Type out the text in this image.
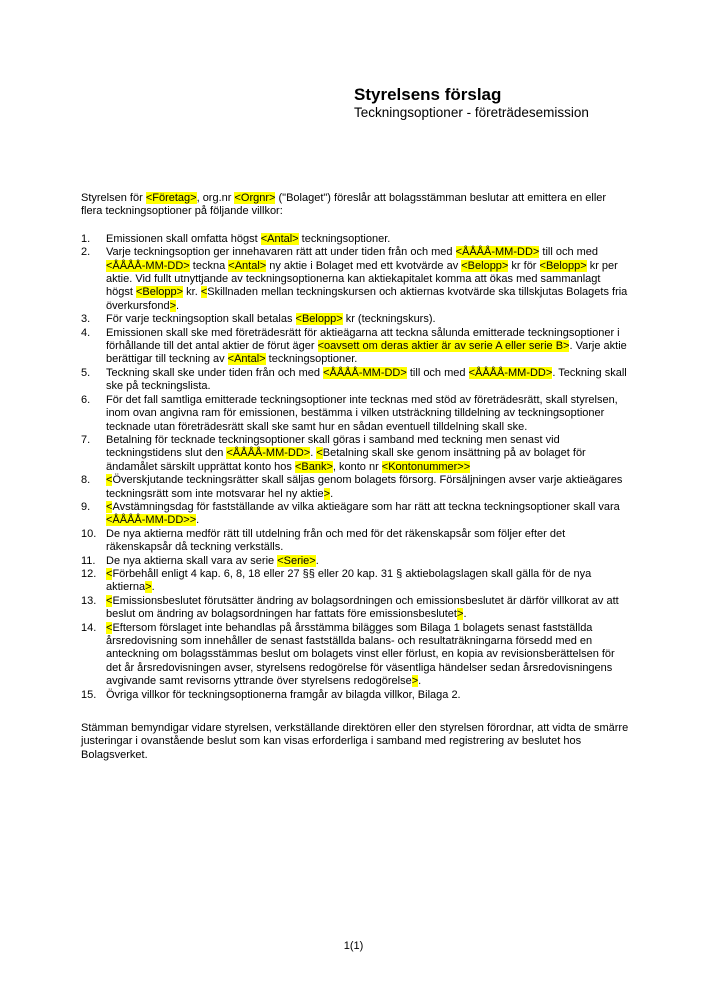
Styrelsens förslag
Teckningsoptioner - företrädesemission

Styrelsen för <Företag>, org.nr <Orgnr> ("Bolaget") föreslår att bolagsstämman beslutar att emittera en eller flera teckningsoptioner på följande villkor:

1.	Emissionen skall omfatta högst <Antal> teckningsoptioner.
2.	Varje teckningsoption ger innehavaren rätt att under tiden från och med <ÅÅÅÅ-MM-DD> till och med <ÅÅÅÅ-MM-DD> teckna <Antal> ny aktie i Bolaget med ett kvotvärde av <Belopp> kr för <Belopp> kr per aktie. Vid fullt utnyttjande av teckningsoptionerna kan aktiekapitalet komma att ökas med sammanlagt högst <Belopp> kr. <Skillnaden mellan teckningskursen och aktiernas kvotvärde ska tillskjutas Bolagets fria överkursfond>.
3.	För varje teckningsoption skall betalas <Belopp> kr (teckningskurs).
4.	Emissionen skall ske med företrädesrätt för aktieägarna att teckna sålunda emitterade teckningsoptioner i förhållande till det antal aktier de förut äger <oavsett om deras aktier är av serie A eller serie B>. Varje aktie berättigar till teckning av <Antal> teckningsoptioner.
5.	Teckning skall ske under tiden från och med <ÅÅÅÅ-MM-DD> till och med <ÅÅÅÅ-MM-DD>. Teckning skall ske på teckningslista.
6.	För det fall samtliga emitterade teckningsoptioner inte tecknas med stöd av företrädesrätt, skall styrelsen, inom ovan angivna ram för emissionen, bestämma i vilken utsträckning tilldelning av teckningsoptioner tecknade utan företrädesrätt skall ske samt hur en sådan eventuell tilldelning skall ske.
7.	Betalning för tecknade teckningsoptioner skall göras i samband med teckning men senast vid teckningstidens slut den <ÅÅÅÅ-MM-DD>. <Betalning skall ske genom insättning på av bolaget för ändamålet särskilt upprättat konto hos <Bank>, konto nr <Kontonummer>>
8.	<Överskjutande teckningsrätter skall säljas genom bolagets försorg. Försäljningen avser varje aktieägares teckningsrätt som inte motsvarar hel ny aktie>.
9.	<Avstämningsdag för fastställande av vilka aktieägare som har rätt att teckna teckningsoptioner skall vara <ÅÅÅÅ-MM-DD>>.
10. De nya aktierna medför rätt till utdelning från och med för det räkenskapsår som följer efter det räkenskapsår då teckning verkställs.
11. De nya aktierna skall vara av serie <Serie>.
12. <Förbehåll enligt 4 kap. 6, 8, 18 eller 27 §§ eller 20 kap. 31 § aktiebolagslagen skall gälla för de nya aktierna>.
13. <Emissionsbeslutet förutsätter ändring av bolagsordningen och emissionsbeslutet är därför villkorat av att beslut om ändring av bolagsordningen har fattats före emissionsbeslutet>.
14. <Eftersom förslaget inte behandlas på årsstämma bilägges som Bilaga 1 bolagets senast fastställda årsredovisning som innehåller de senast fastställda balans- och resultaträkningarna försedd med en anteckning om bolagsstämmas beslut om bolagets vinst eller förlust, en kopia av revisionsberättelsen för det år årsredovisningen avser, styrelsens redogörelse för väsentliga händelser sedan årsredovisningens avgivande samt revisorns yttrande över styrelsens redogörelse>.
15. Övriga villkor för teckningsoptionerna framgår av bilagda villkor, Bilaga 2.

Stämman bemyndigar vidare styrelsen, verkställande direktören eller den styrelsen förordnar, att vidta de smärre justeringar i ovanstående beslut som kan visas erforderliga i samband med registrering av beslutet hos Bolagsverket.

1(1)
